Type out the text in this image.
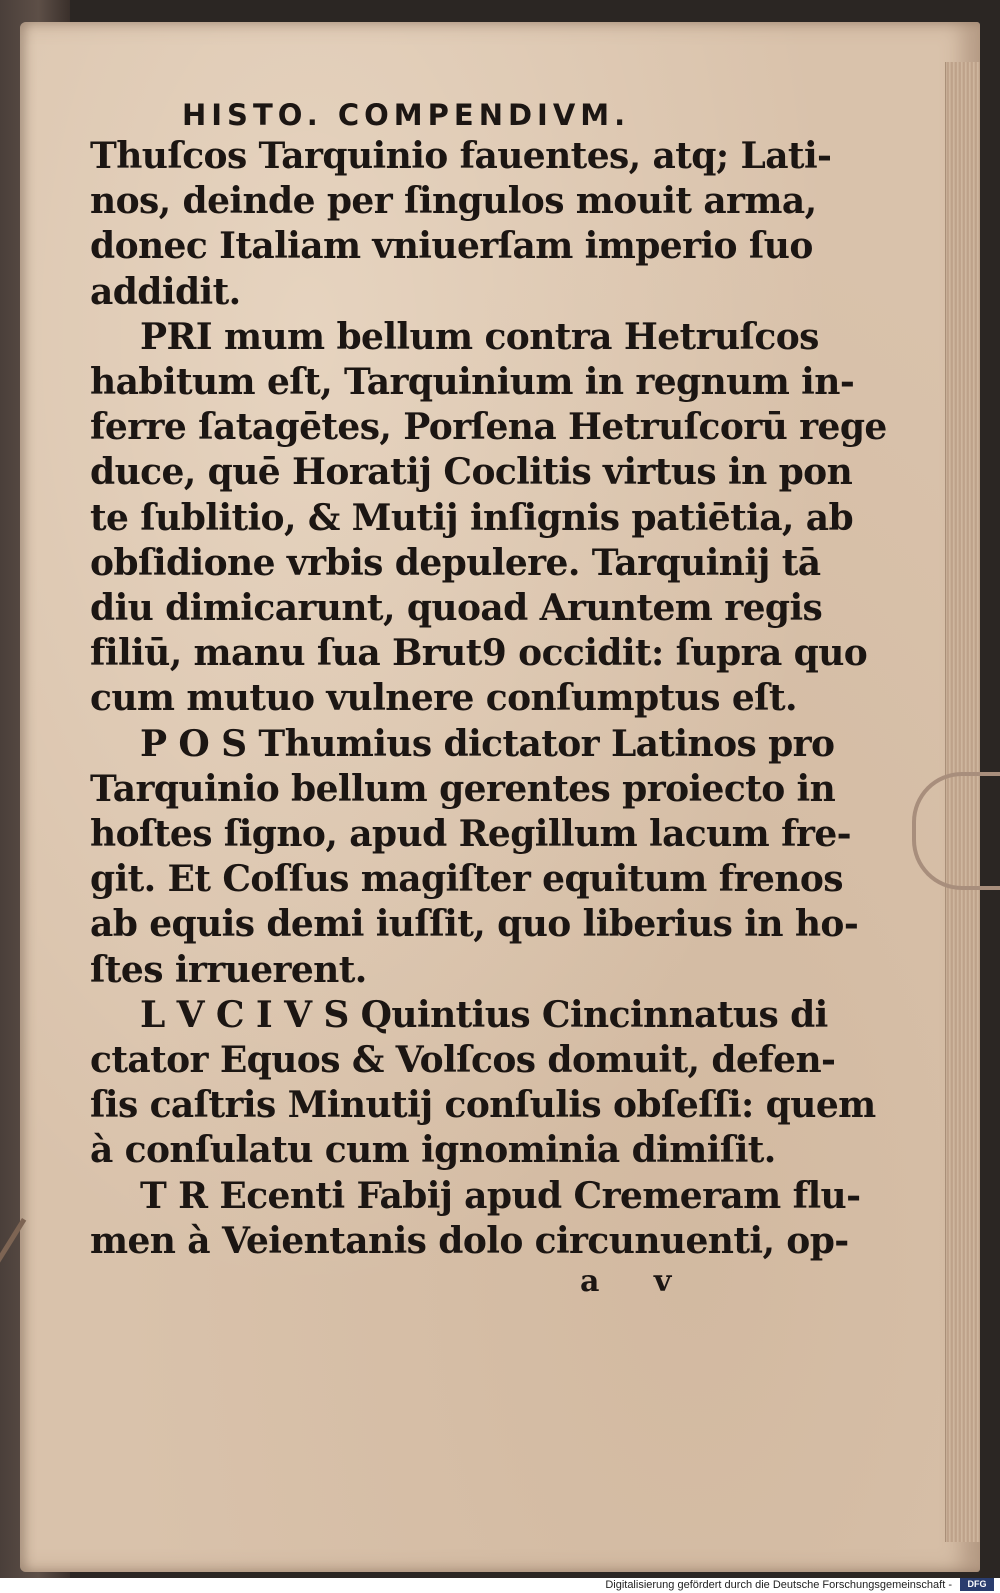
HISTO. COMPENDIVM.
Thuſcos Tarquinio fauentes, atq; Lati-
nos, deinde per ſingulos mouit arma,
donec Italiam vniuerſam imperio ſuo
addidit.
PRI mum bellum contra Hetruſcos
habitum eſt, Tarquinium in regnum in-
ferre ſatagētes, Porſena Hetruſcorū rege
duce, quē Horatij Coclitis virtus in pon
te ſublitio, & Mutij inſignis patiētia, ab
obſidione vrbis depulere. Tarquinij tā
diu dimicarunt, quoad Aruntem regis
filiū, manu ſua Brut9 occidit: ſupra quo
cum mutuo vulnere conſumptus eſt.
P O S Thumius dictator Latinos pro
Tarquinio bellum gerentes proiecto in
hoſtes ſigno, apud Regillum lacum fre-
git. Et Coſſus magiſter equitum frenos
ab equis demi iuſſit, quo liberius in ho-
ſtes irruerent.
L V C I V S Quintius Cincinnatus di
ctator Equos & Volſcos domuit, defen-
ſis caſtris Minutij conſulis obſeſſi: quem
à conſulatu cum ignominia dimiſit.
T R Ecenti Fabij apud Cremeram flu-
men à Veientanis dolo circunuenti, op-
a v
Digitalisierung gefördert durch die Deutsche Forschungsgemeinschaft -	DFG
